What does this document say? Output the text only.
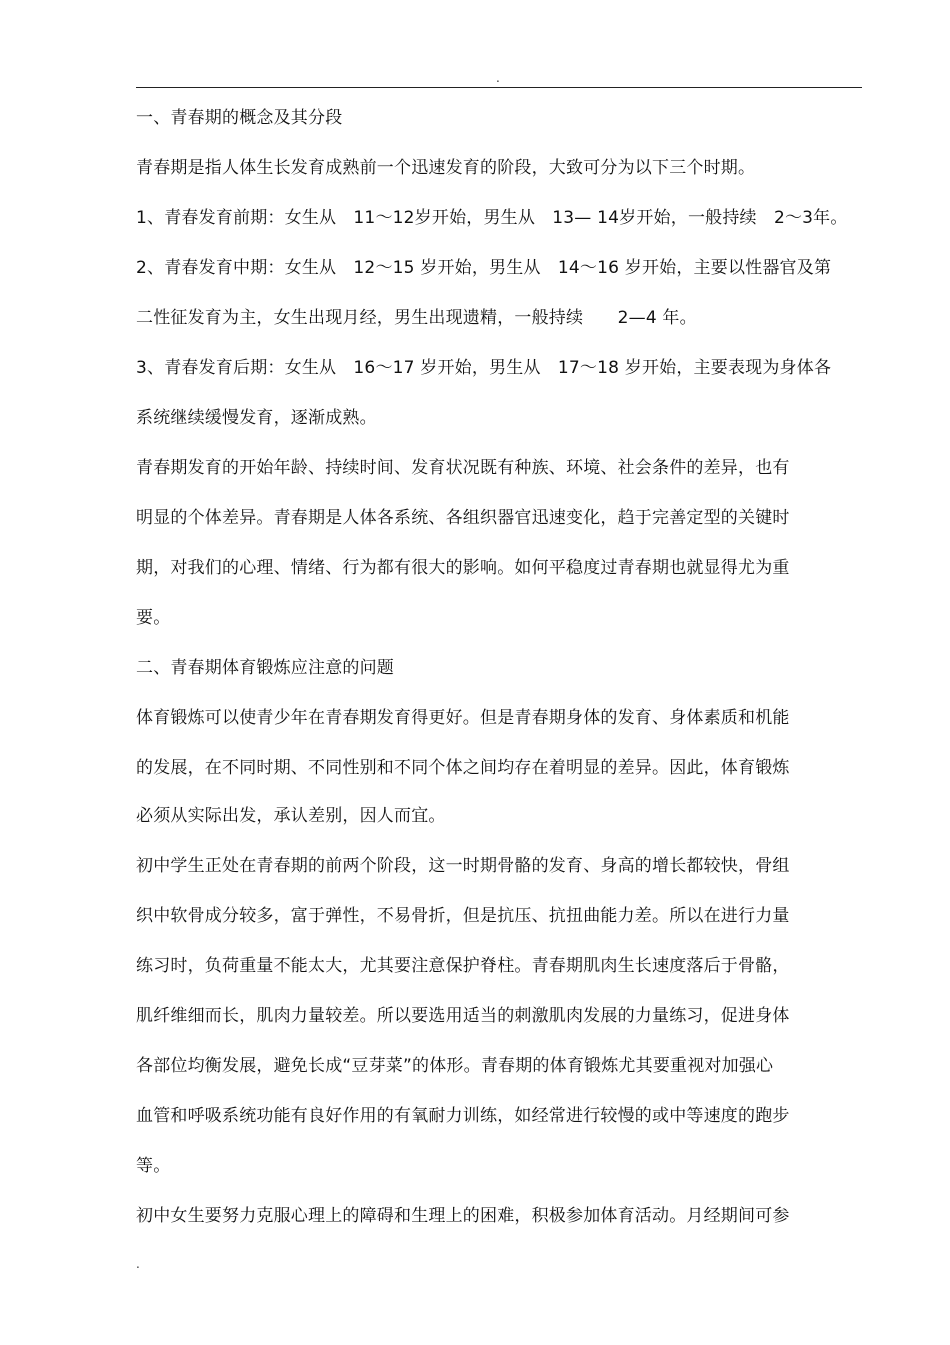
.
一、青春期的概念及其分段
青春期是指人体生长发育成熟前一个迅速发育的阶段，大致可分为以下三个时期。
1、青春发育前期：女生从　11～12岁开始，男生从　13— 14岁开始，一般持续　2～3年。
2、青春发育中期：女生从　12～15 岁开始，男生从　14～16 岁开始，主要以性器官及第
二性征发育为主，女生出现月经，男生出现遗精，一般持续　　2—4 年。
3、青春发育后期：女生从　16～17 岁开始，男生从　17～18 岁开始，主要表现为身体各
系统继续缓慢发育，逐渐成熟。
青春期发育的开始年龄、持续时间、发育状况既有种族、环境、社会条件的差异，也有
明显的个体差异。青春期是人体各系统、各组织器官迅速变化，趋于完善定型的关键时
期，对我们的心理、情绪、行为都有很大的影响。如何平稳度过青春期也就显得尤为重
要。
二、青春期体育锻炼应注意的问题
体育锻炼可以使青少年在青春期发育得更好。但是青春期身体的发育、身体素质和机能
的发展，在不同时期、不同性别和不同个体之间均存在着明显的差异。因此，体育锻炼
必须从实际出发，承认差别，因人而宜。
初中学生正处在青春期的前两个阶段，这一时期骨骼的发育、身高的增长都较快，骨组
织中软骨成分较多，富于弹性，不易骨折，但是抗压、抗扭曲能力差。所以在进行力量
练习时，负荷重量不能太大，尤其要注意保护脊柱。青春期肌肉生长速度落后于骨骼，
肌纤维细而长，肌肉力量较差。所以要选用适当的刺激肌肉发展的力量练习，促进身体
各部位均衡发展，避免长成“豆芽菜”的体形。青春期的体育锻炼尤其要重视对加强心
血管和呼吸系统功能有良好作用的有氧耐力训练，如经常进行较慢的或中等速度的跑步
等。
初中女生要努力克服心理上的障碍和生理上的困难，积极参加体育活动。月经期间可参
.
